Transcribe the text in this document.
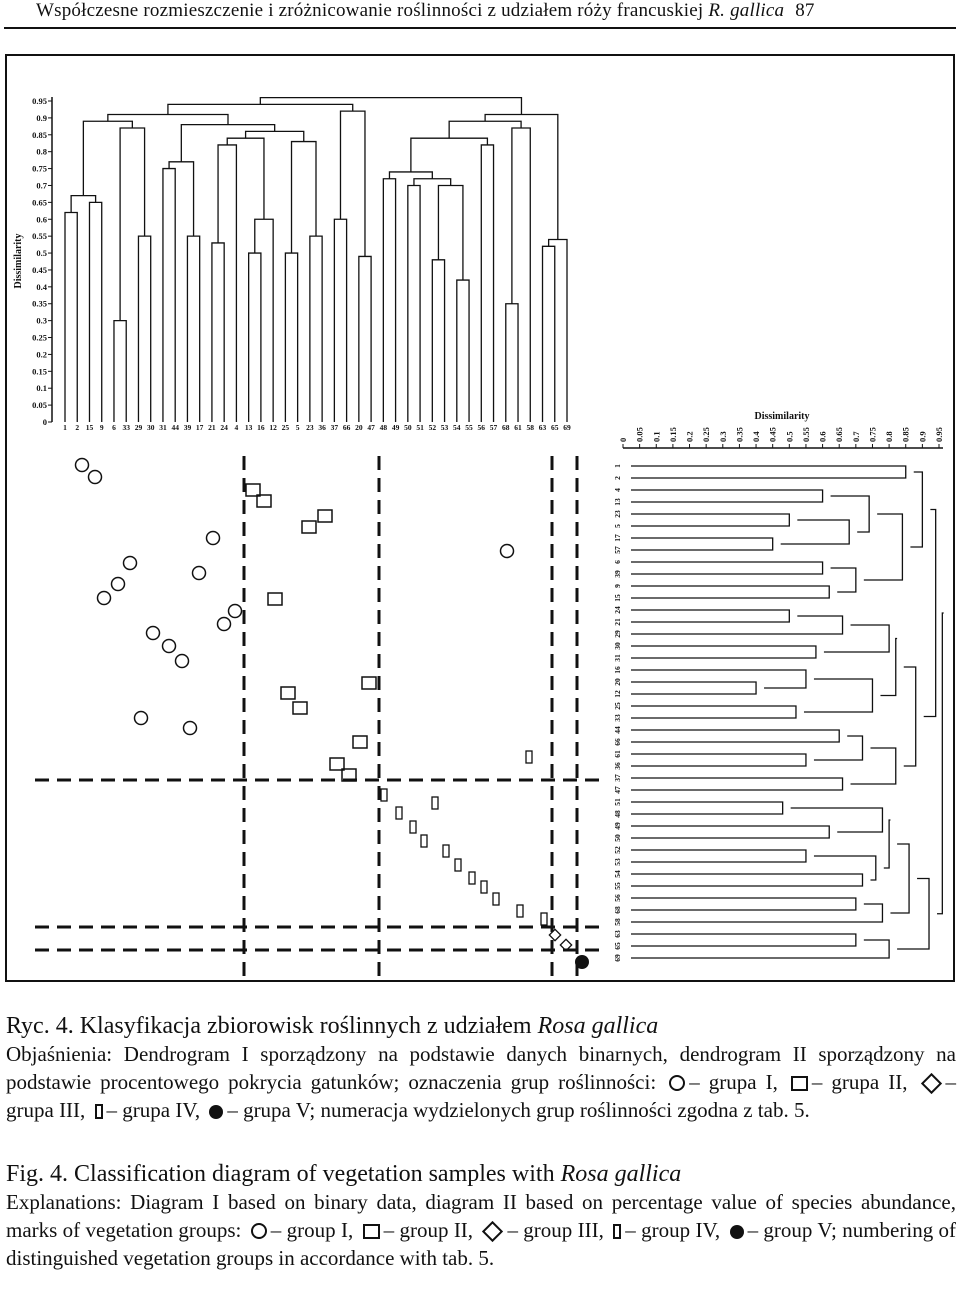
Współczesne rozmieszczenie i zróżnicowanie roślinności z udziałem róży francuskiej R. gallica 87
0
0.05
0.1
0.15
0.2
0.25
0.3
0.35
0.4
0.45
0.5
0.55
0.6
0.65
0.7
0.75
0.8
0.85
0.9
0.95
Dissimilarity
1 2 15 9 6 33 29 30 31 44 39 17 21 24 4 13 16 12 25 5 23 36 37 66 20 47 48 49 50 51 52 53 54 55 56 57 68 61 58 63 65 69
0 0.05 0.1 0.15 0.2 0.25 0.3 0.35 0.4 0.45 0.5 0.55 0.6 0.65 0.7 0.75 0.8 0.85 0.9 0.95
Dissimilarity
1
2
4
13
23
5
17
57
6
39
9
15
24
21
29
30
31
16
20
12
25
33
44
66
61
36
37
47
51
48
49
50
52
53
54
55
56
68
58
63
65
69
Ryc. 4. Klasyfikacja zbiorowisk roślinnych z udziałem Rosa gallica
Objaśnienia: Dendrogram I sporządzony na podstawie danych binarnych, dendrogram II sporządzony na podstawie procentowego pokrycia gatunków; oznaczenia grup roślinności: – grupa I, – grupa II, – grupa III, – grupa IV, – grupa V; numeracja wydzielonych grup roślinności zgodna z tab. 5.
Fig. 4. Classification diagram of vegetation samples with Rosa gallica
Explanations: Diagram I based on binary data, diagram II based on percentage value of species abundance, marks of vegetation groups: – group I, – group II, – group III, – group IV, – group V; numbering of distinguished vegetation groups in accordance with tab. 5.
